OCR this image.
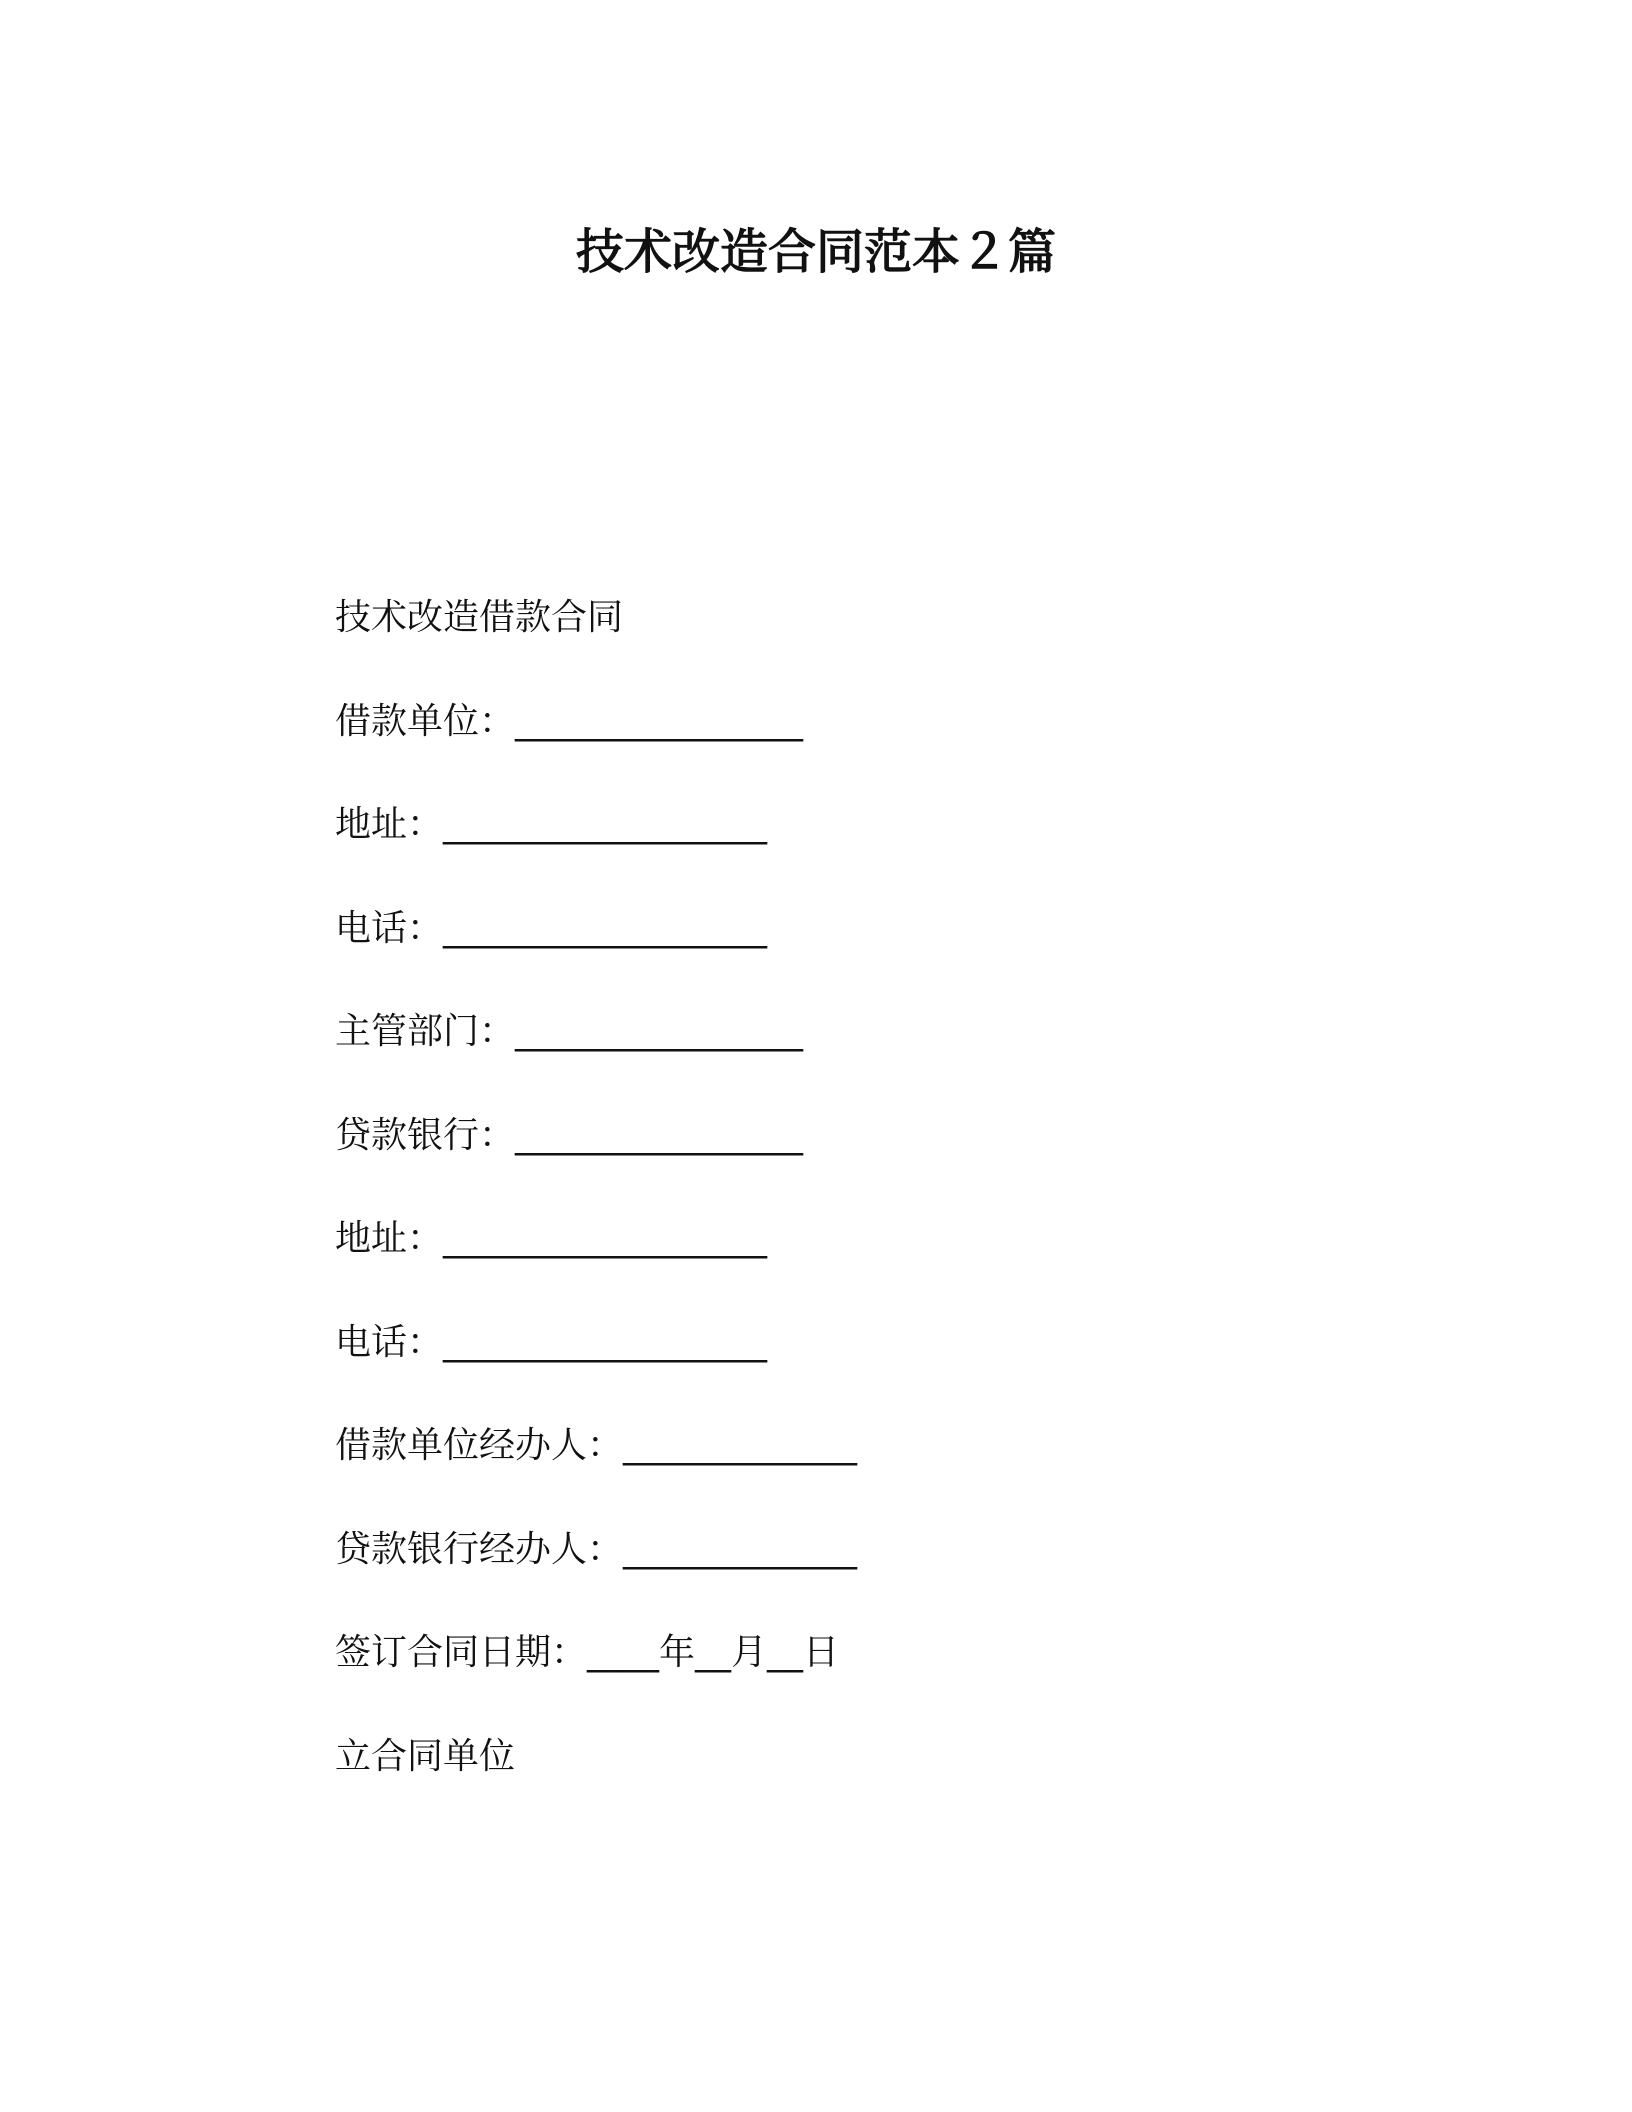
技术改造合同范本２篇
技术改造借款合同
借款单位：________________
地址：__________________
电话：__________________
主管部门：________________
贷款银行：________________
地址：__________________
电话：__________________
借款单位经办人：_____________
贷款银行经办人：_____________
签订合同日期：____年__月__日
立合同单位
